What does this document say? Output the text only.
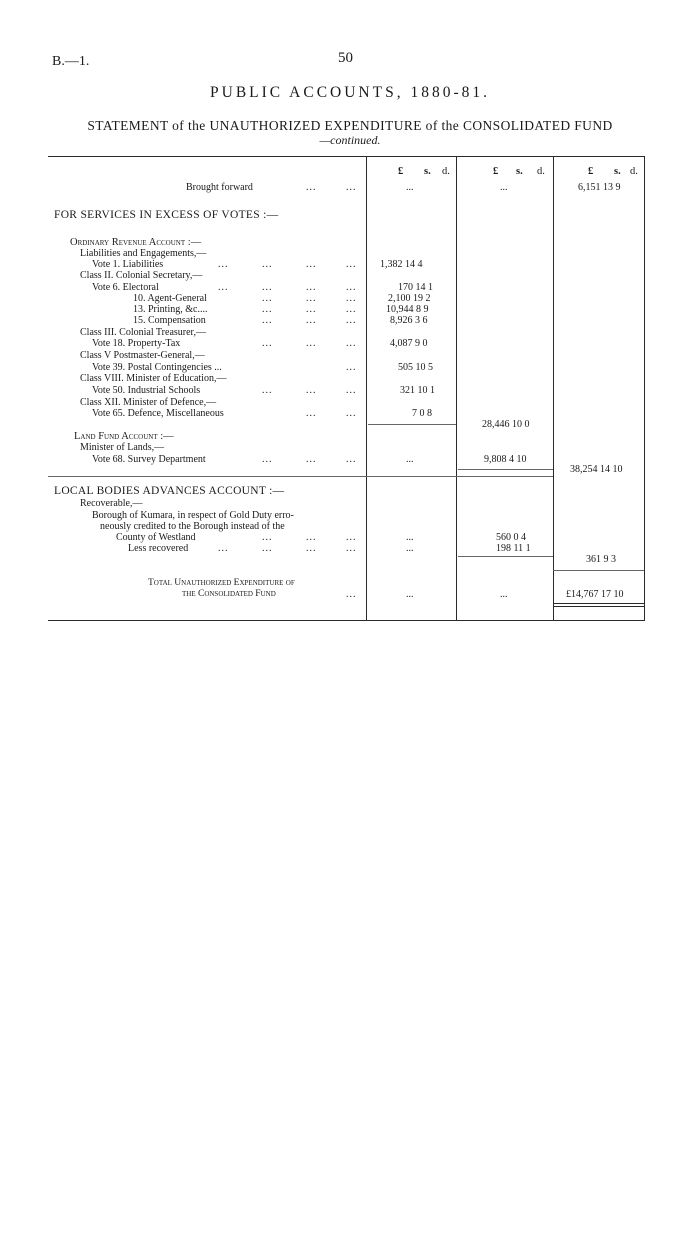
B.—1.	50
PUBLIC ACCOUNTS, 1880-81.
STATEMENT of the UNAUTHORIZED EXPENDITURE of the CONSOLIDATED FUND
—continued.
£ s. d.	£ s. d.	£ s. d.
Brought forward	...	...	...	...	6,151 13 9
FOR SERVICES IN EXCESS OF VOTES :—
Ordinary Revenue Account :—
Liabilities and Engagements,—
Vote 1. Liabilities	...	...	...	... 1,382 14 4
Class II. Colonial Secretary,—
Vote 6. Electoral	...	...	...	...	170 14 1
10. Agent-General	...	...	...	2,100 19 2
13. Printing, &c....	...	...	...	10,944 8 9
15. Compensation	...	...	...	8,926 3 6
Class III. Colonial Treasurer,—
Vote 18. Property-Tax	...	...	...	4,087 9 0
Class V Postmaster-General,—
Vote 39. Postal Contingencies ...	...	505 10 5
Class VIII. Minister of Education,—
Vote 50. Industrial Schools	...	...	...	321 10 1
Class XII. Minister of Defence,—
Vote 65. Defence, Miscellaneous	...	...	7 0 8
28,446 10 0
Land Fund Account :—
Minister of Lands,—
Vote 68. Survey Department	...	...	...	...	9,808 4 10
38,254 14 10
LOCAL BODIES ADVANCES ACCOUNT :—
Recoverable,—
Borough of Kumara, in respect of Gold Duty erro-
neously credited to the Borough instead of the
County of Westland	...	...	...	...	560 0 4
Less recovered	...	...	...	...	...	198 11 1
361 9 3
Total Unauthorized Expenditure of
the Consolidated Fund	...	...	...	£14,767 17 10
